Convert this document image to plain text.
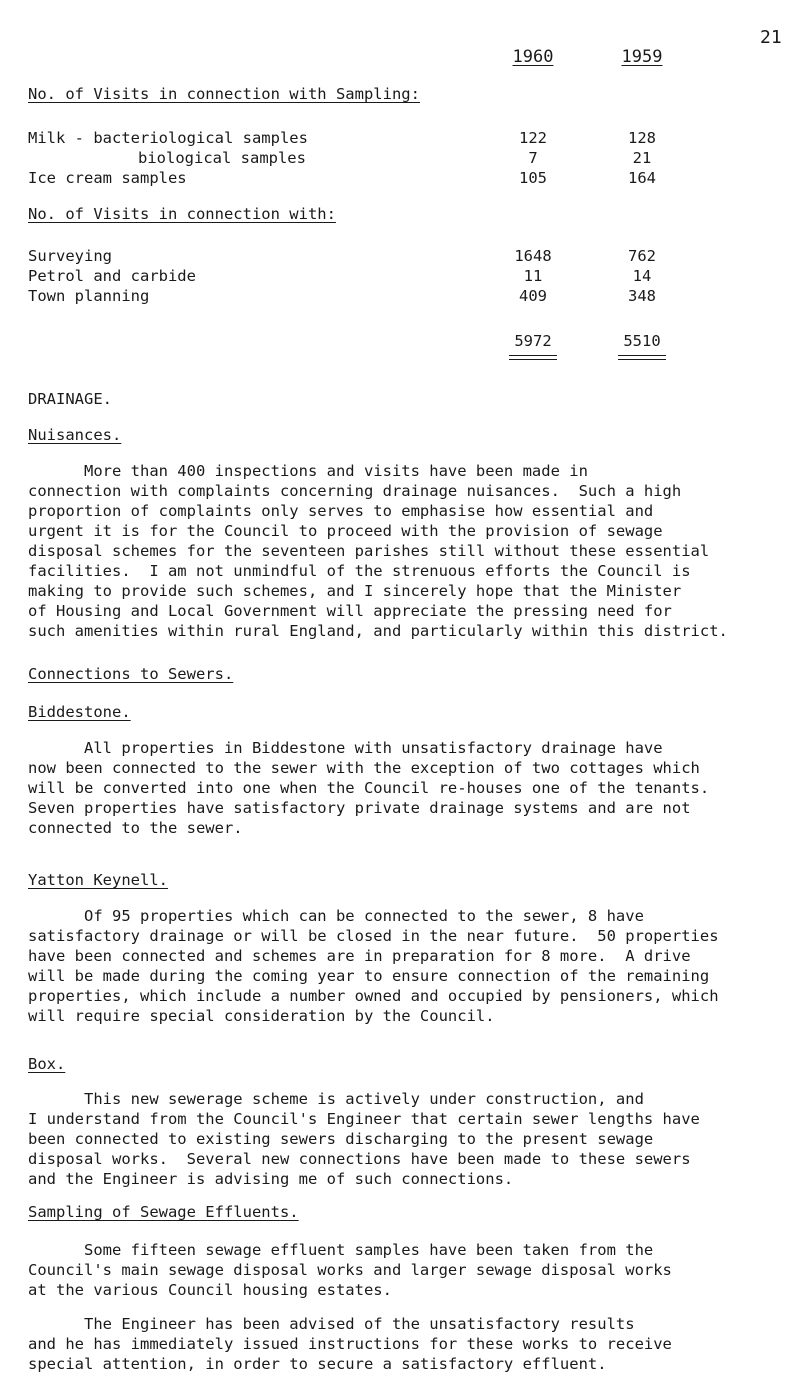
21
1960	1959
No. of Visits in connection with Sampling:
Milk - bacteriological samples	122	128
biological samples	7	21
Ice cream samples	105	164
No. of Visits in connection with:
Surveying	1648	762
Petrol and carbide	11	14
Town planning	409	348
5972	5510
DRAINAGE.
Nuisances.
More than 400 inspections and visits have been made in
connection with complaints concerning drainage nuisances.  Such a high
proportion of complaints only serves to emphasise how essential and
urgent it is for the Council to proceed with the provision of sewage
disposal schemes for the seventeen parishes still without these essential
facilities.  I am not unmindful of the strenuous efforts the Council is
making to provide such schemes, and I sincerely hope that the Minister
of Housing and Local Government will appreciate the pressing need for
such amenities within rural England, and particularly within this district.
Connections to Sewers.
Biddestone.
All properties in Biddestone with unsatisfactory drainage have
now been connected to the sewer with the exception of two cottages which
will be converted into one when the Council re-houses one of the tenants.
Seven properties have satisfactory private drainage systems and are not
connected to the sewer.
Yatton Keynell.
Of 95 properties which can be connected to the sewer, 8 have
satisfactory drainage or will be closed in the near future.  50 properties
have been connected and schemes are in preparation for 8 more.  A drive
will be made during the coming year to ensure connection of the remaining
properties, which include a number owned and occupied by pensioners, which
will require special consideration by the Council.
Box.
This new sewerage scheme is actively under construction, and
I understand from the Council's Engineer that certain sewer lengths have
been connected to existing sewers discharging to the present sewage
disposal works.  Several new connections have been made to these sewers
and the Engineer is advising me of such connections.
Sampling of Sewage Effluents.
Some fifteen sewage effluent samples have been taken from the
Council's main sewage disposal works and larger sewage disposal works
at the various Council housing estates.
The Engineer has been advised of the unsatisfactory results
and he has immediately issued instructions for these works to receive
special attention, in order to secure a satisfactory effluent.
